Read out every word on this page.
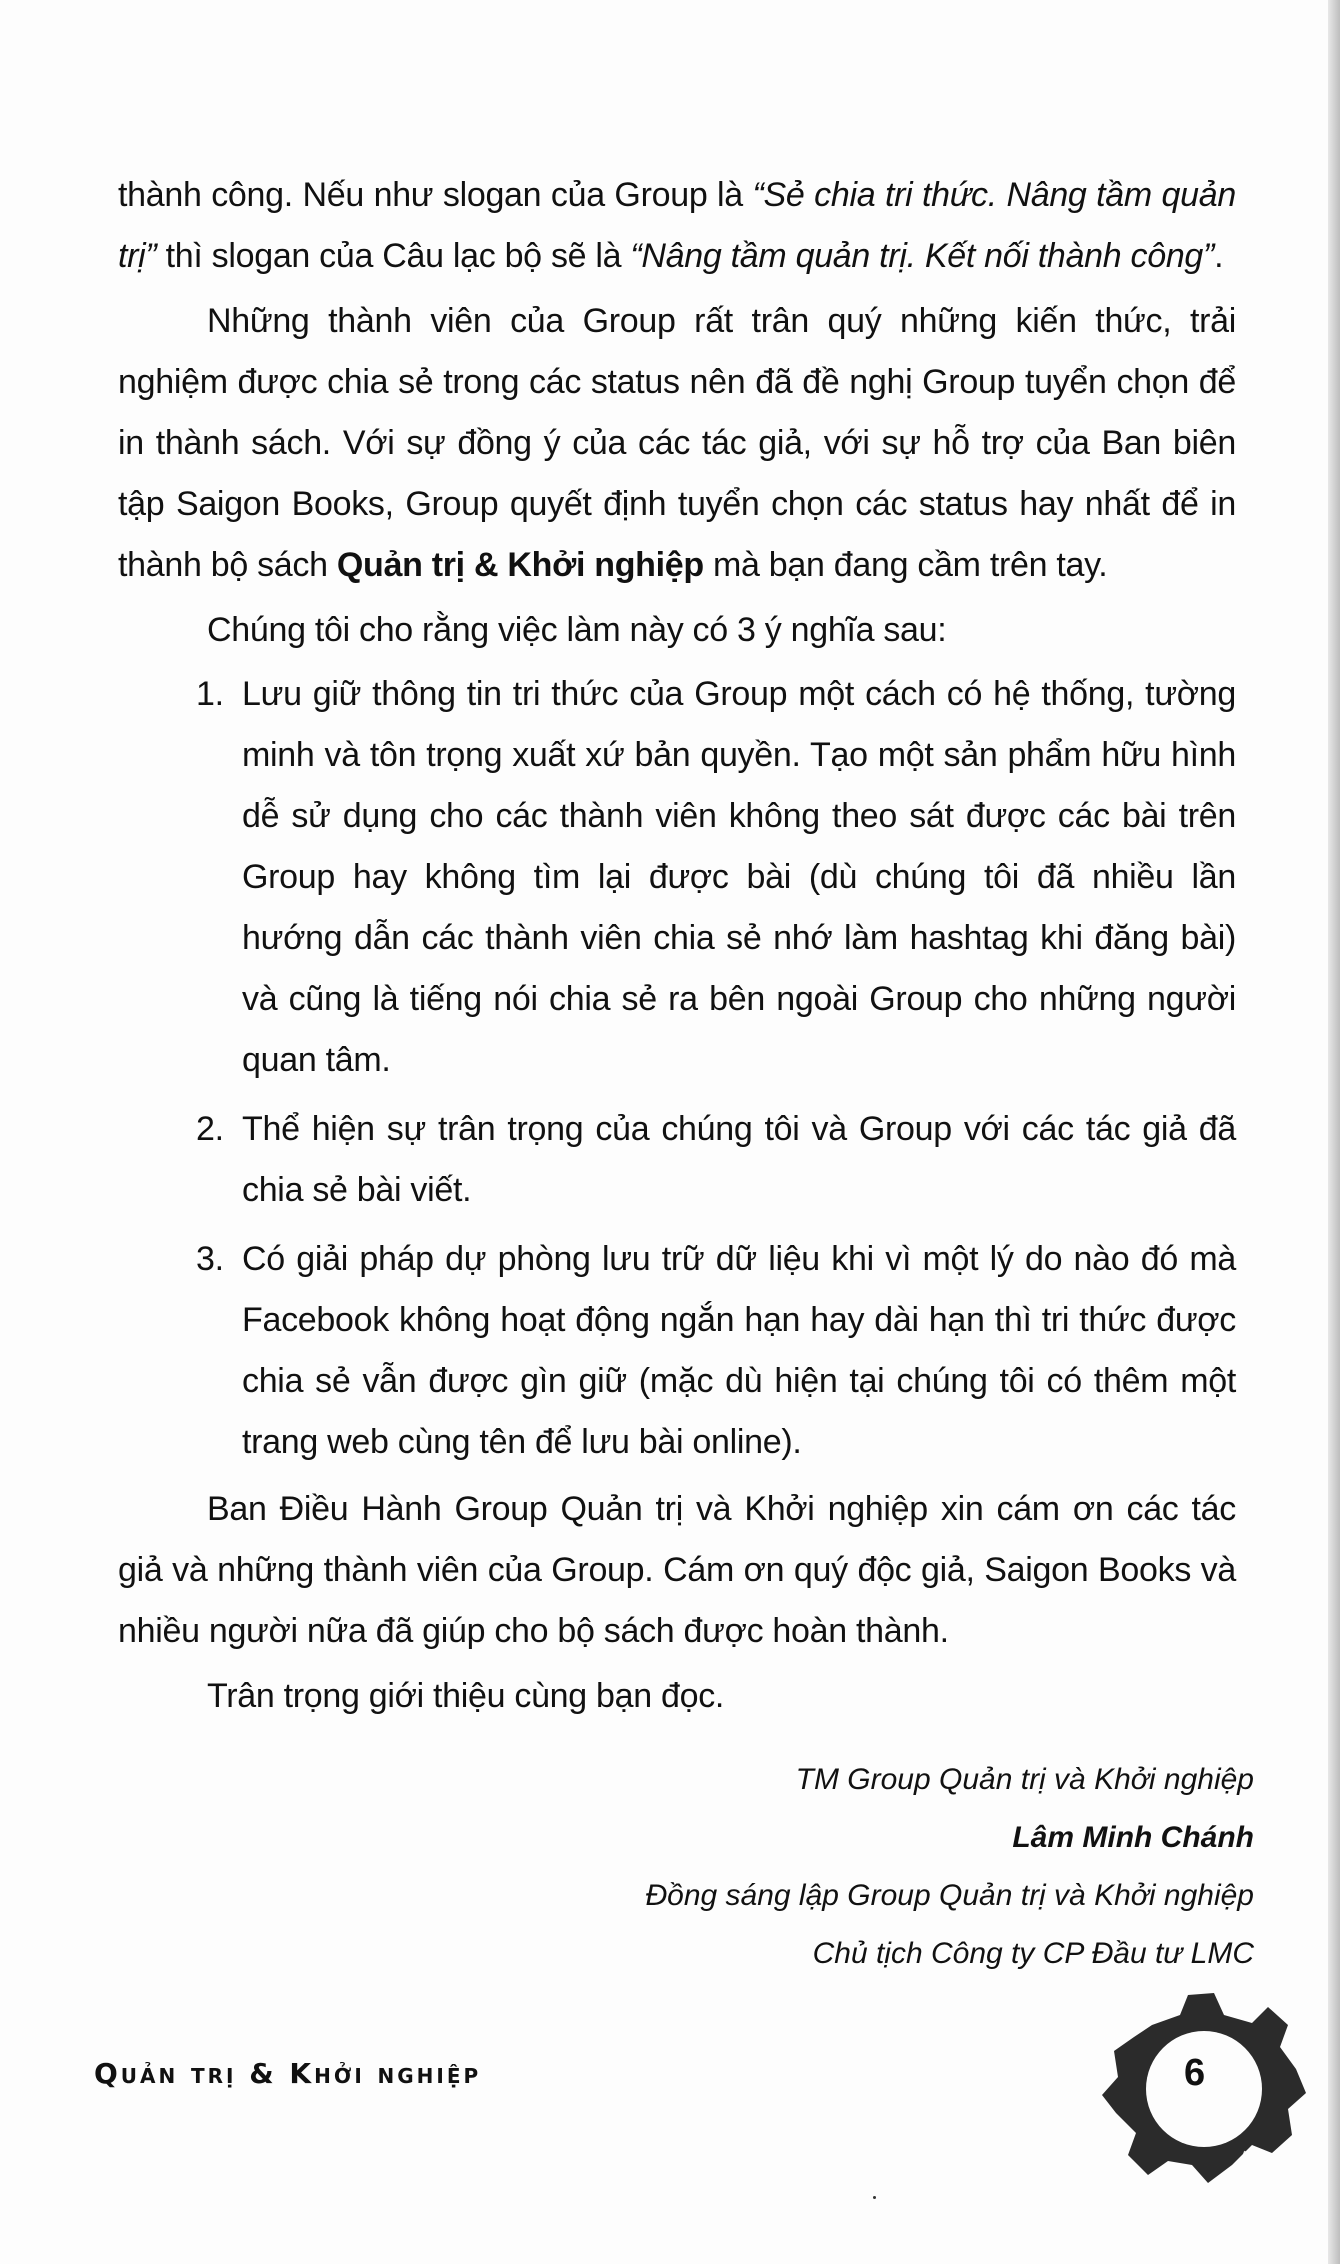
thành công. Nếu như slogan của Group là “Sẻ chia tri thức. Nâng tầm quản trị” thì slogan của Câu lạc bộ sẽ là “Nâng tầm quản trị. Kết nối thành công”.

Những thành viên của Group rất trân quý những kiến thức, trải nghiệm được chia sẻ trong các status nên đã đề nghị Group tuyển chọn để in thành sách. Với sự đồng ý của các tác giả, với sự hỗ trợ của Ban biên tập Saigon Books, Group quyết định tuyển chọn các status hay nhất để in thành bộ sách Quản trị & Khởi nghiệp mà bạn đang cầm trên tay.

Chúng tôi cho rằng việc làm này có 3 ý nghĩa sau:

1. Lưu giữ thông tin tri thức của Group một cách có hệ thống, tường minh và tôn trọng xuất xứ bản quyền. Tạo một sản phẩm hữu hình dễ sử dụng cho các thành viên không theo sát được các bài trên Group hay không tìm lại được bài (dù chúng tôi đã nhiều lần hướng dẫn các thành viên chia sẻ nhớ làm hashtag khi đăng bài) và cũng là tiếng nói chia sẻ ra bên ngoài Group cho những người quan tâm.
2. Thể hiện sự trân trọng của chúng tôi và Group với các tác giả đã chia sẻ bài viết.
3. Có giải pháp dự phòng lưu trữ dữ liệu khi vì một lý do nào đó mà Facebook không hoạt động ngắn hạn hay dài hạn thì tri thức được chia sẻ vẫn được gìn giữ (mặc dù hiện tại chúng tôi có thêm một trang web cùng tên để lưu bài online).

Ban Điều Hành Group Quản trị và Khởi nghiệp xin cám ơn các tác giả và những thành viên của Group. Cám ơn quý độc giả, Saigon Books và nhiều người nữa đã giúp cho bộ sách được hoàn thành.

Trân trọng giới thiệu cùng bạn đọc.

TM Group Quản trị và Khởi nghiệp
Lâm Minh Chánh
Đồng sáng lập Group Quản trị và Khởi nghiệp
Chủ tịch Công ty CP Đầu tư LMC
Quản trị & Khởi nghiệp	6
